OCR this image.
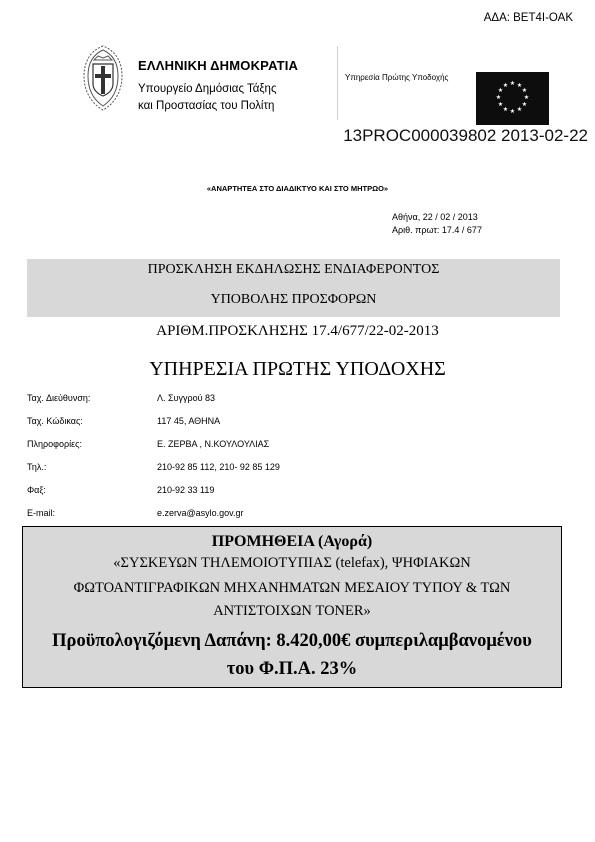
ΑΔΑ: ΒΕΤ4Ι-ΟΑΚ
ΕΛΛΗΝΙΚΗ ΔΗΜΟΚΡΑΤΙΑ
Υπουργείο Δημόσιας Τάξης
και Προστασίας του Πολίτη
Υπηρεσία Πρώτης Υποδοχής
★ ★
★
★
★
★
★
★
★
★
★
★
13PROC000039802 2013-02-22
«ΑΝΑΡΤΗΤΕΑ ΣΤΟ ΔΙΑΔΙΚΤΥΟ ΚΑΙ ΣΤΟ ΜΗΤΡΩΟ»
Αθήνα, 22 / 02 / 2013
Αριθ. πρωτ: 17.4 / 677
ΠΡΟΣΚΛΗΣΗ ΕΚΔΗΛΩΣΗΣ ΕΝΔΙΑΦΕΡΟΝΤΟΣ
ΥΠΟΒΟΛΗΣ ΠΡΟΣΦΟΡΩΝ
ΑΡΙΘΜ.ΠΡΟΣΚΛΗΣΗΣ 17.4/677/22-02-2013
ΥΠΗΡΕΣΙΑ ΠΡΩΤΗΣ ΥΠΟΔΟΧΗΣ
Ταχ. Διεύθυνση:	Λ. Συγγρού 83
Ταχ. Κώδικας:	117 45, ΑΘΗΝΑ
Πληροφορίες:	Ε. ΖΕΡΒΑ , Ν.ΚΟΥΛΟΥΛΙΑΣ
Τηλ.:	210-92 85 112, 210- 92 85 129
Φαξ:	210-92 33 119
E-mail:	e.zerva@asylo.gov.gr
ΠΡΟΜΗΘΕΙΑ (Αγορά)
«ΣΥΣΚΕΥΩΝ ΤΗΛΕΜΟΙΟΤΥΠΙΑΣ (telefax), ΨΗΦΙΑΚΩΝ
ΦΩΤΟΑΝΤΙΓΡΑΦΙΚΩΝ ΜΗΧΑΝΗΜΑΤΩΝ ΜΕΣΑΙΟΥ ΤΥΠΟΥ & ΤΩΝ
ΑΝΤΙΣΤΟΙΧΩΝ TONER»
Προϋπολογιζόμενη Δαπάνη: 8.420,00€ συμπεριλαμβανομένου
του Φ.Π.Α. 23%
